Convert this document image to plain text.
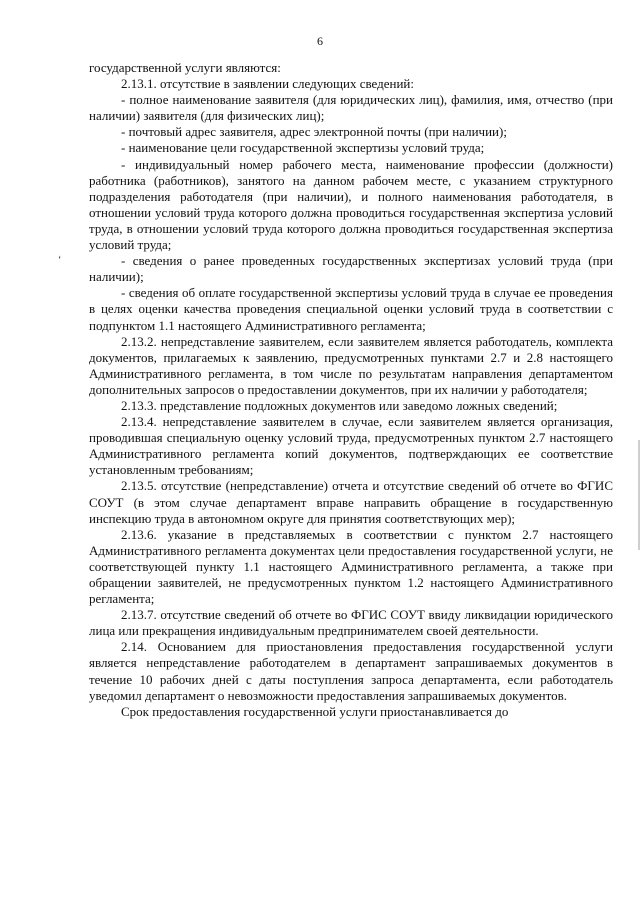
6
ʻ

государственной услуги являются:

2.13.1. отсутствие в заявлении следующих сведений:

- полное наименование заявителя (для юридических лиц), фамилия, имя, отчество (при наличии) заявителя (для физических лиц);

- почтовый адрес заявителя, адрес электронной почты (при наличии);

- наименование цели государственной экспертизы условий труда;

- индивидуальный номер рабочего места, наименование профессии (должности) работника (работников), занятого на данном рабочем месте, с указанием структурного подразделения работодателя (при наличии), и полного наименования работодателя, в отношении условий труда которого должна проводиться государственная экспертиза условий труда, в отношении условий труда которого должна проводиться государственная экспертиза условий труда;

- сведения о ранее проведенных государственных экспертизах условий труда (при наличии);

- сведения об оплате государственной экспертизы условий труда в случае ее проведения в целях оценки качества проведения специальной оценки условий труда в соответствии с подпунктом 1.1 настоящего Административного регламента;

2.13.2. непредставление заявителем, если заявителем является работодатель, комплекта документов, прилагаемых к заявлению, предусмотренных пунктами 2.7 и 2.8 настоящего Административного регламента, в том числе по результатам направления департаментом дополнительных запросов о предоставлении документов, при их наличии у работодателя;

2.13.3. представление подложных документов или заведомо ложных сведений;

2.13.4. непредставление заявителем в случае, если заявителем является организация, проводившая специальную оценку условий труда, предусмотренных пунктом 2.7 настоящего Административного регламента копий документов, подтверждающих ее соответствие установленным требованиям;

2.13.5. отсутствие (непредставление) отчета и отсутствие сведений об отчете во ФГИС СОУТ (в этом случае департамент вправе направить обращение в государственную инспекцию труда в автономном округе для принятия соответствующих мер);

2.13.6. указание в представляемых в соответствии с пунктом 2.7 настоящего Административного регламента документах цели предоставления государственной услуги, не соответствующей пункту 1.1 настоящего Административного регламента, а также при обращении заявителей, не предусмотренных пунктом 1.2 настоящего Административного регламента;

2.13.7. отсутствие сведений об отчете во ФГИС СОУТ ввиду ликвидации юридического лица или прекращения индивидуальным предпринимателем своей деятельности.

2.14. Основанием для приостановления предоставления государственной услуги является непредставление работодателем в департамент запрашиваемых документов в течение 10 рабочих дней с даты поступления запроса департамента, если работодатель уведомил департамент о невозможности предоставления запрашиваемых документов.

Срок предоставления государственной услуги приостанавливается до
